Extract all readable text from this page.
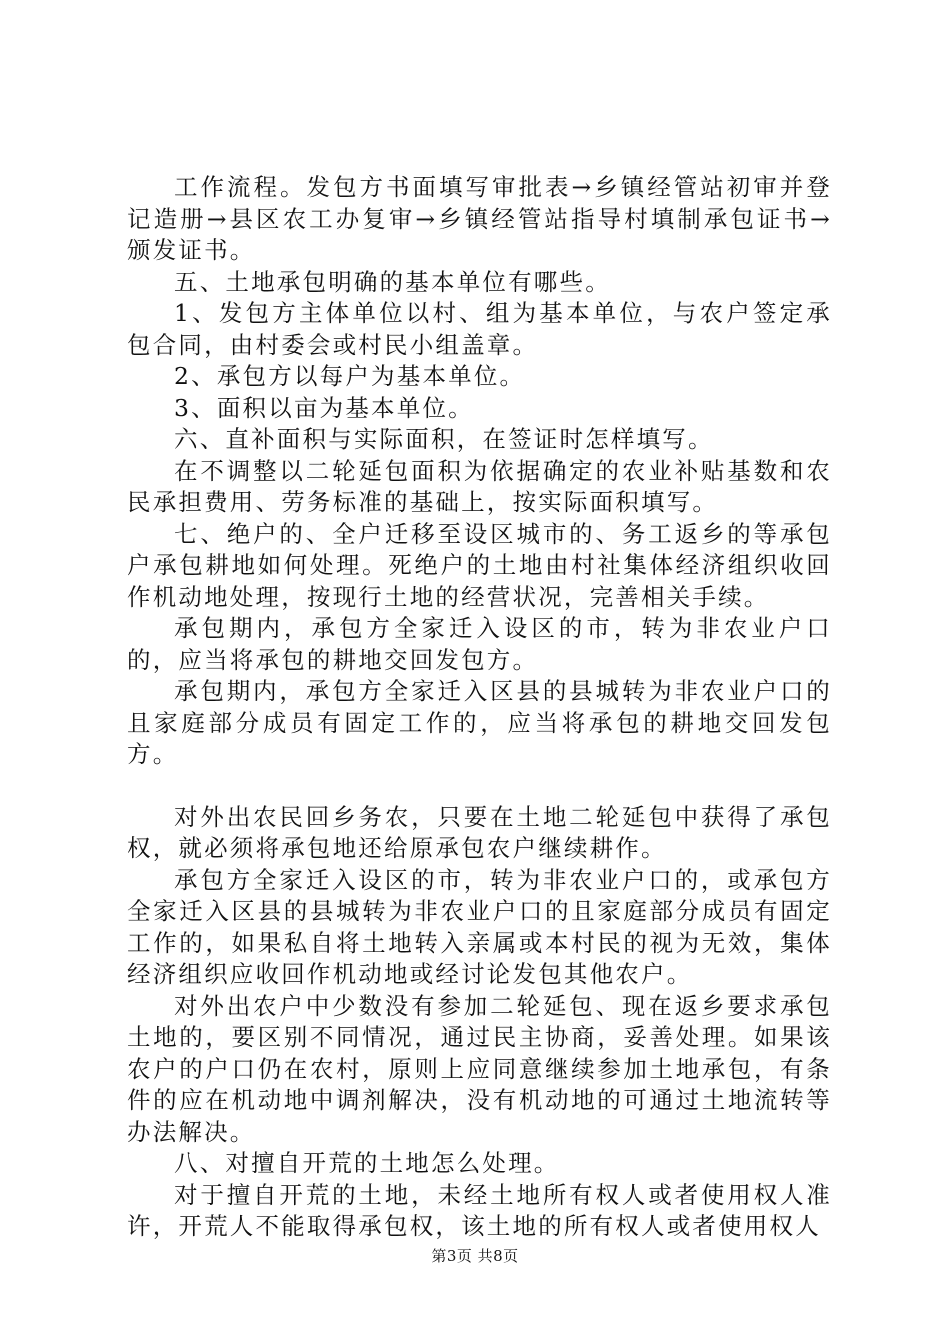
工作流程。发包方书面填写审批表→乡镇经管站初审并登记造册→县区农工办复审→乡镇经管站指导村填制承包证书→颁发证书。

五、土地承包明确的基本单位有哪些。

1、发包方主体单位以村、组为基本单位，与农户签定承包合同，由村委会或村民小组盖章。

2、承包方以每户为基本单位。

3、面积以亩为基本单位。

六、直补面积与实际面积，在签证时怎样填写。

在不调整以二轮延包面积为依据确定的农业补贴基数和农民承担费用、劳务标准的基础上，按实际面积填写。

七、绝户的、全户迁移至设区城市的、务工返乡的等承包户承包耕地如何处理。死绝户的土地由村社集体经济组织收回作机动地处理，按现行土地的经营状况，完善相关手续。

承包期内，承包方全家迁入设区的市，转为非农业户口的，应当将承包的耕地交回发包方。

承包期内，承包方全家迁入区县的县城转为非农业户口的且家庭部分成员有固定工作的，应当将承包的耕地交回发包方。

对外出农民回乡务农，只要在土地二轮延包中获得了承包权，就必须将承包地还给原承包农户继续耕作。

承包方全家迁入设区的市，转为非农业户口的，或承包方全家迁入区县的县城转为非农业户口的且家庭部分成员有固定工作的，如果私自将土地转入亲属或本村民的视为无效，集体经济组织应收回作机动地或经讨论发包其他农户。

对外出农户中少数没有参加二轮延包、现在返乡要求承包土地的，要区别不同情况，通过民主协商，妥善处理。如果该农户的户口仍在农村，原则上应同意继续参加土地承包，有条件的应在机动地中调剂解决，没有机动地的可通过土地流转等办法解决。

八、对擅自开荒的土地怎么处理。

对于擅自开荒的土地，未经土地所有权人或者使用权人准许，开荒人不能取得承包权，该土地的所有权人或者使用权人

第3页 共8页
